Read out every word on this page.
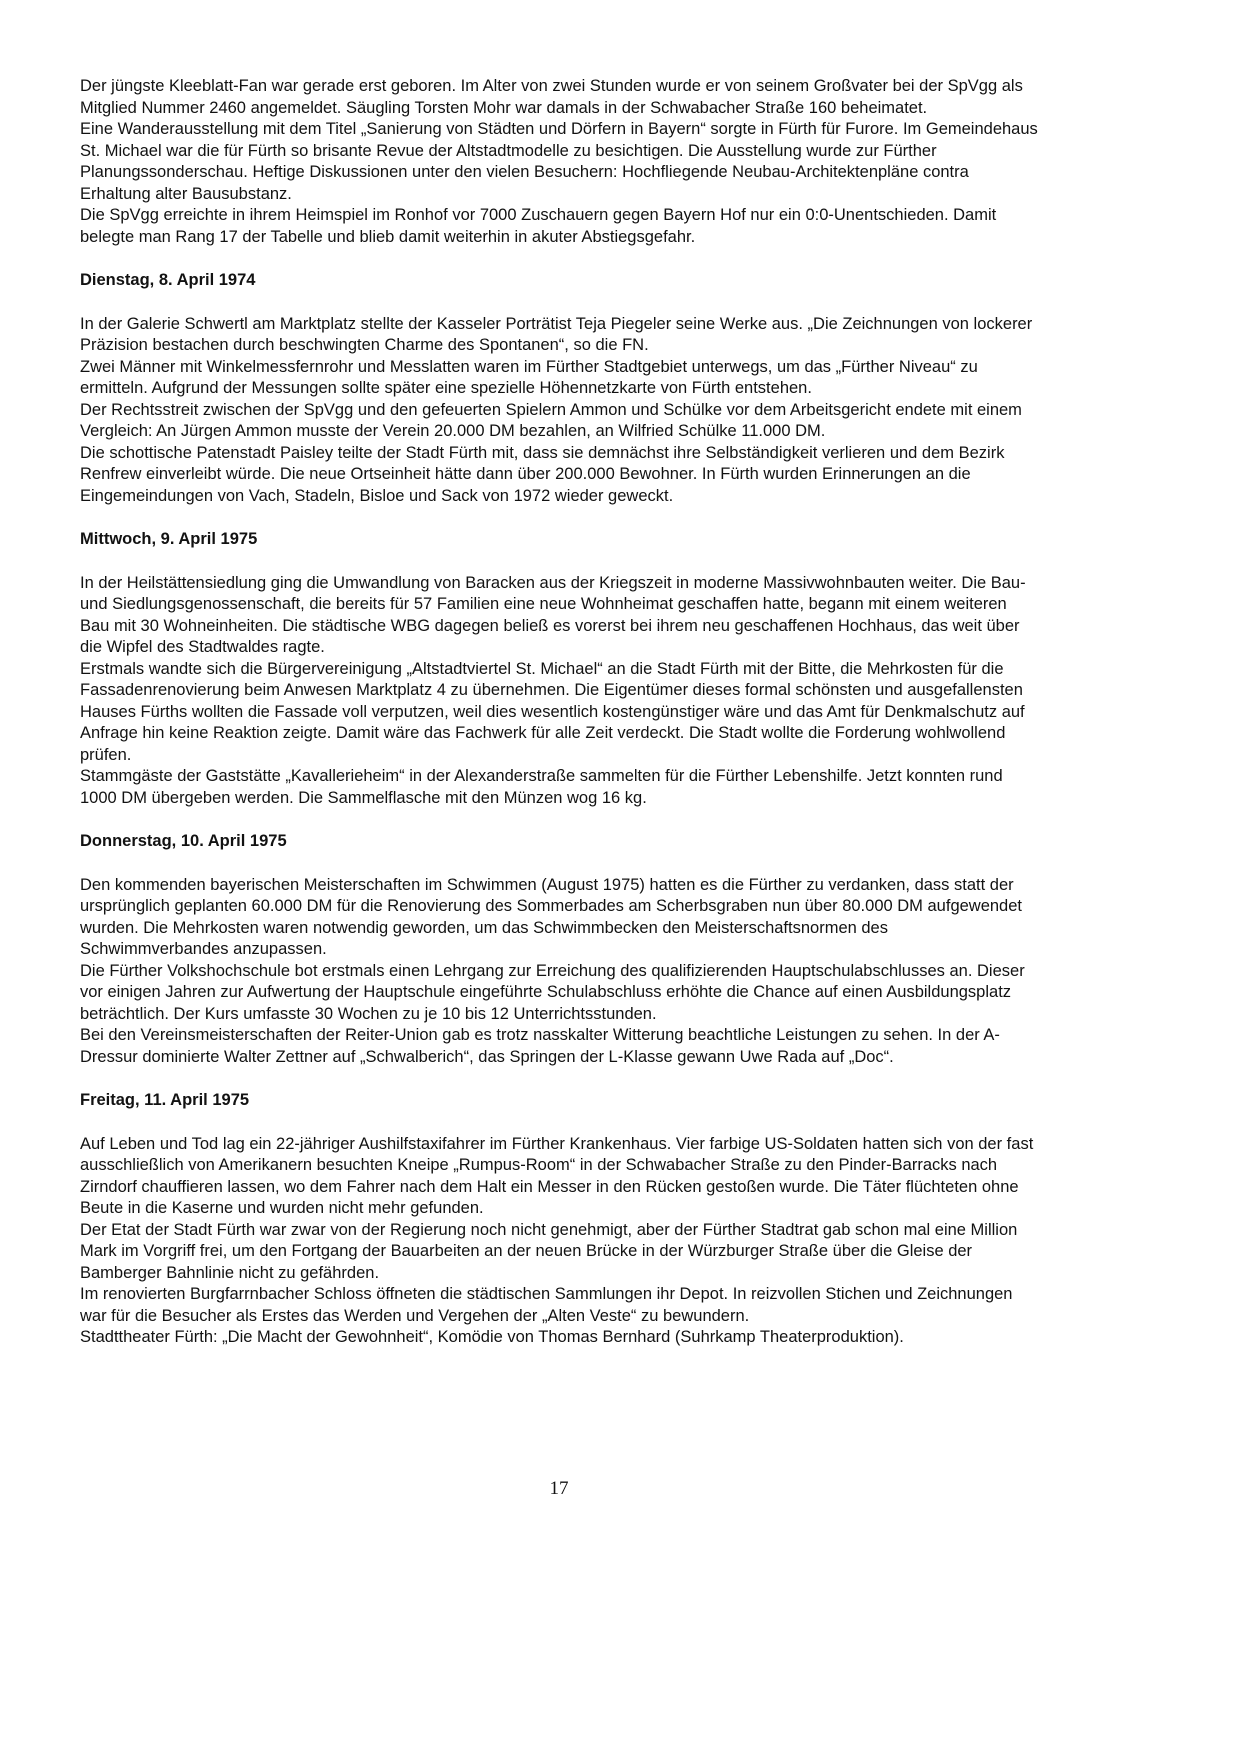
Der jüngste Kleeblatt-Fan war gerade erst geboren. Im Alter von zwei Stunden wurde er von seinem Großvater bei der SpVgg als Mitglied Nummer 2460 angemeldet. Säugling Torsten Mohr war damals in der Schwabacher Straße 160 beheimatet.

Eine Wanderausstellung mit dem Titel „Sanierung von Städten und Dörfern in Bayern“ sorgte in Fürth für Furore. Im Gemeindehaus St. Michael war die für Fürth so brisante Revue der Altstadtmodelle zu besichtigen. Die Ausstellung wurde zur Fürther Planungssonderschau. Heftige Diskussionen unter den vielen Besuchern: Hochfliegende Neubau-Architektenpläne contra Erhaltung alter Bausubstanz.

Die SpVgg erreichte in ihrem Heimspiel im Ronhof vor 7000 Zuschauern gegen Bayern Hof nur ein 0:0-Unentschieden. Damit belegte man Rang 17 der Tabelle und blieb damit weiterhin in akuter Abstiegsgefahr.

Dienstag, 8. April 1974

In der Galerie Schwertl am Marktplatz stellte der Kasseler Porträtist Teja Piegeler seine Werke aus. „Die Zeichnungen von lockerer Präzision bestachen durch beschwingten Charme des Spontanen“, so die FN.

Zwei Männer mit Winkelmessfernrohr und Messlatten waren im Fürther Stadtgebiet unterwegs, um das „Fürther Niveau“ zu ermitteln. Aufgrund der Messungen sollte später eine spezielle Höhennetzkarte von Fürth entstehen.

Der Rechtsstreit zwischen der SpVgg und den gefeuerten Spielern Ammon und Schülke vor dem Arbeitsgericht endete mit einem Vergleich: An Jürgen Ammon musste der Verein 20.000 DM bezahlen, an Wilfried Schülke 11.000 DM.

Die schottische Patenstadt Paisley teilte der Stadt Fürth mit, dass sie demnächst ihre Selbständigkeit verlieren und dem Bezirk Renfrew einverleibt würde. Die neue Ortseinheit hätte dann über 200.000 Bewohner. In Fürth wurden Erinnerungen an die Eingemeindungen von Vach, Stadeln, Bisloe und Sack von 1972 wieder geweckt.

Mittwoch, 9. April 1975

In der Heilstättensiedlung ging die Umwandlung von Baracken aus der Kriegszeit in moderne Massivwohnbauten weiter. Die Bau- und Siedlungsgenossenschaft, die bereits für 57 Familien eine neue Wohnheimat geschaffen hatte, begann mit einem weiteren Bau mit 30 Wohneinheiten. Die städtische WBG dagegen beließ es vorerst bei ihrem neu geschaffenen Hochhaus, das weit über die Wipfel des Stadtwaldes ragte.

Erstmals wandte sich die Bürgervereinigung „Altstadtviertel St. Michael“ an die Stadt Fürth mit der Bitte, die Mehrkosten für die Fassadenrenovierung beim Anwesen Marktplatz 4 zu übernehmen. Die Eigentümer dieses formal schönsten und ausgefallensten Hauses Fürths wollten die Fassade voll verputzen, weil dies wesentlich kostengünstiger wäre und das Amt für Denkmalschutz auf Anfrage hin keine Reaktion zeigte. Damit wäre das Fachwerk für alle Zeit verdeckt. Die Stadt wollte die Forderung wohlwollend prüfen.

Stammgäste der Gaststätte „Kavallerieheim“ in der Alexanderstraße sammelten für die Fürther Lebenshilfe. Jetzt konnten rund 1000 DM übergeben werden. Die Sammelflasche mit den Münzen wog 16 kg.

Donnerstag, 10. April 1975

Den kommenden bayerischen Meisterschaften im Schwimmen (August 1975) hatten es die Fürther zu verdanken, dass statt der ursprünglich geplanten 60.000 DM für die Renovierung des Sommerbades am Scherbsgraben nun über 80.000 DM aufgewendet wurden. Die Mehrkosten waren notwendig geworden, um das Schwimmbecken den Meisterschaftsnormen des Schwimmverbandes anzupassen.

Die Fürther Volkshochschule bot erstmals einen Lehrgang zur Erreichung des qualifizierenden Hauptschulabschlusses an. Dieser vor einigen Jahren zur Aufwertung der Hauptschule eingeführte Schulabschluss erhöhte die Chance auf einen Ausbildungsplatz beträchtlich. Der Kurs umfasste 30 Wochen zu je 10 bis 12 Unterrichtsstunden.

Bei den Vereinsmeisterschaften der Reiter-Union gab es trotz nasskalter Witterung beachtliche Leistungen zu sehen. In der A-Dressur dominierte Walter Zettner auf „Schwalberich“, das Springen der L-Klasse gewann Uwe Rada auf „Doc“.

Freitag, 11. April 1975

Auf Leben und Tod lag ein 22-jähriger Aushilfstaxifahrer im Fürther Krankenhaus. Vier farbige US-Soldaten hatten sich von der fast ausschließlich von Amerikanern besuchten Kneipe „Rumpus-Room“ in der Schwabacher Straße zu den Pinder-Barracks nach Zirndorf chauffieren lassen, wo dem Fahrer nach dem Halt ein Messer in den Rücken gestoßen wurde. Die Täter flüchteten ohne Beute in die Kaserne und wurden nicht mehr gefunden.

Der Etat der Stadt Fürth war zwar von der Regierung noch nicht genehmigt, aber der Fürther Stadtrat gab schon mal eine Million Mark im Vorgriff frei, um den Fortgang der Bauarbeiten an der neuen Brücke in der Würzburger Straße über die Gleise der Bamberger Bahnlinie nicht zu gefährden.

Im renovierten Burgfarrnbacher Schloss öffneten die städtischen Sammlungen ihr Depot. In reizvollen Stichen und Zeichnungen war für die Besucher als Erstes das Werden und Vergehen der „Alten Veste“ zu bewundern.

Stadttheater Fürth: „Die Macht der Gewohnheit“, Komödie von Thomas Bernhard (Suhrkamp Theaterproduktion).

17
